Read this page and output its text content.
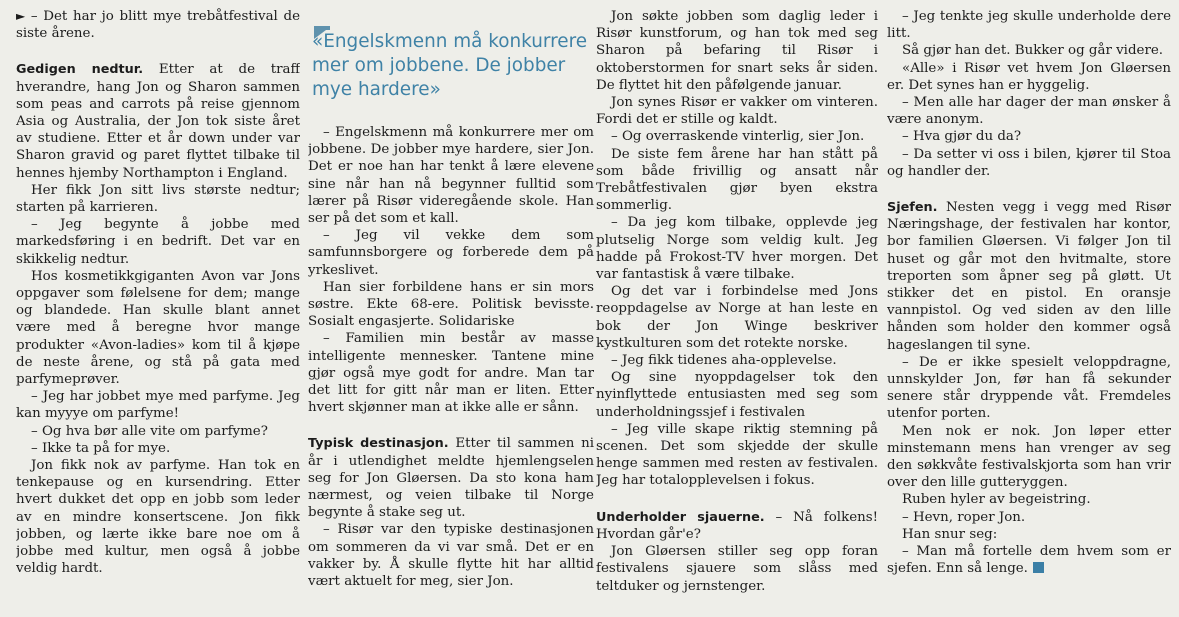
► – Det har jo blitt mye trebåtfestival de siste årene.

Gedigen nedtur. Etter at de traff hverandre, hang Jon og Sharon sammen som peas and carrots på reise gjennom Asia og Australia, der Jon tok siste året av studiene. Etter et år down under var Sharon gravid og paret flyttet tilbake til hennes hjemby Northampton i England.

Her fikk Jon sitt livs største nedtur; starten på karrieren.

– Jeg begynte å jobbe med markedsføring i en bedrift. Det var en skikkelig nedtur.

Hos kosmetikkgiganten Avon var Jons oppgaver som følelsene for dem; mange og blandede. Han skulle blant annet være med å beregne hvor mange produkter «Avon-ladies» kom til å kjøpe de neste årene, og stå på gata med parfymeprøver.

– Jeg har jobbet mye med parfyme. Jeg kan myyye om parfyme!

– Og hva bør alle vite om parfyme?

– Ikke ta på for mye.

Jon fikk nok av parfyme. Han tok en tenkepause og en kursendring. Etter hvert dukket det opp en jobb som leder av en mindre konsertscene. Jon fikk jobben, og lærte ikke bare noe om å jobbe med kultur, men også å jobbe veldig hardt.

«Engelskmenn må konkurrere mer om jobbene. De jobber mye hardere»

– Engelskmenn må konkurrere mer om jobbene. De jobber mye hardere, sier Jon. Det er noe han har tenkt å lære elevene sine når han nå begynner fulltid som lærer på Risør videregående skole. Han ser på det som et kall.

– Jeg vil vekke dem som samfunnsborgere og forberede dem på yrkeslivet.

Han sier forbildene hans er sin mors søstre. Ekte 68-ere. Politisk bevisste. Sosialt engasjerte. Solidariske

– Familien min består av masse intelligente mennesker. Tantene mine gjør også mye godt for andre. Man tar det litt for gitt når man er liten. Etter hvert skjønner man at ikke alle er sånn.

Typisk destinasjon. Etter til sammen ni år i utlendighet meldte hjemlengselen seg for Jon Gløersen. Da sto kona ham nærmest, og veien tilbake til Norge begynte å stake seg ut.

– Risør var den typiske destinasjonen om sommeren da vi var små. Det er en vakker by. Å skulle flytte hit har alltid vært aktuelt for meg, sier Jon.

Jon søkte jobben som daglig leder i Risør kunstforum, og han tok med seg Sharon på befaring til Risør i oktoberstormen for snart seks år siden. De flyttet hit den påfølgende januar.

Jon synes Risør er vakker om vinteren. Fordi det er stille og kaldt.

– Og overraskende vinterlig, sier Jon.

De siste fem årene har han stått på som både frivillig og ansatt når Trebåtfestivalen gjør byen ekstra sommerlig.

– Da jeg kom tilbake, opplevde jeg plutselig Norge som veldig kult. Jeg hadde på Frokost-TV hver morgen. Det var fantastisk å være tilbake.

Og det var i forbindelse med Jons reoppdagelse av Norge at han leste en bok der Jon Winge beskriver kystkulturen som det rotekte norske.

– Jeg fikk tidenes aha-opplevelse.

Og sine nyoppdagelser tok den nyinflyttede entusiasten med seg som underholdningssjef i festivalen

– Jeg ville skape riktig stemning på scenen. Det som skjedde der skulle henge sammen med resten av festivalen. Jeg har totalopplevelsen i fokus.

Underholder sjauerne. – Nå folkens! Hvordan går'e?

Jon Gløersen stiller seg opp foran festivalens sjauere som slåss med teltduker og jernstenger.

– Jeg tenkte jeg skulle underholde dere litt.

Så gjør han det. Bukker og går videre.

«Alle» i Risør vet hvem Jon Gløersen er. Det synes han er hyggelig.

– Men alle har dager der man ønsker å være anonym.

– Hva gjør du da?

– Da setter vi oss i bilen, kjører til Stoa og handler der.

Sjefen. Nesten vegg i vegg med Risør Næringshage, der festivalen har kontor, bor familien Gløersen. Vi følger Jon til huset og går mot den hvitmalte, store treporten som åpner seg på gløtt. Ut stikker det en pistol. En oransje vannpistol. Og ved siden av den lille hånden som holder den kommer også hageslangen til syne.

– De er ikke spesielt veloppdragne, unnskylder Jon, før han få sekunder senere står dryppende våt. Fremdeles utenfor porten.

Men nok er nok. Jon løper etter minstemann mens han vrenger av seg den søkkvåte festivalskjorta som han vrir over den lille gutteryggen.

Ruben hyler av begeistring.

– Hevn, roper Jon.

Han snur seg:

– Man må fortelle dem hvem som er sjefen. Enn så lenge.
